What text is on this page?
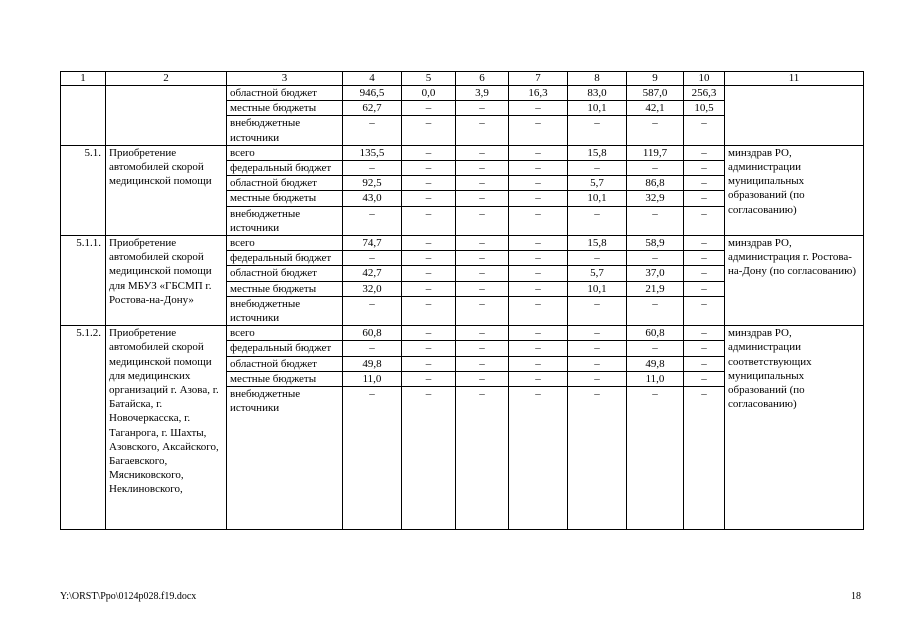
1	2	3	4	5	6	7	8	9	10	11
		областной бюджет	946,5	0,0	3,9	16,3	83,0	587,0	256,3	
		местные бюджеты	62,7	–	–	–	10,1	42,1	10,5	
		внебюджетные источники	–	–	–	–	–	–	–	
5.1.	Приобретение автомобилей скорой медицинской помощи	всего	135,5	–	–	–	15,8	119,7	–	минздрав РО, администрации муниципальных образований (по согласованию)
		федеральный бюджет	–	–	–	–	–	–	–	
		областной бюджет	92,5	–	–	–	5,7	86,8	–	
		местные бюджеты	43,0	–	–	–	10,1	32,9	–	
		внебюджетные источники	–	–	–	–	–	–	–	
5.1.1.	Приобретение автомобилей скорой медицинской помощи для МБУЗ «ГБСМП г. Ростова-на-Дону»	всего	74,7	–	–	–	15,8	58,9	–	минздрав РО, администрация г. Ростова-на-Дону (по согласованию)
		федеральный бюджет	–	–	–	–	–	–	–	
		областной бюджет	42,7	–	–	–	5,7	37,0	–	
		местные бюджеты	32,0	–	–	–	10,1	21,9	–	
		внебюджетные источники	–	–	–	–	–	–	–	
5.1.2.	Приобретение автомобилей скорой медицинской помощи для медицинских организаций г. Азова, г. Батайска, г. Новочеркасска, г. Таганрога, г. Шахты, Азовского, Аксайского, Багаевского, Мясниковского, Неклиновского,	всего	60,8	–	–	–	–	60,8	–	минздрав РО, администрации соответствующих муниципальных образований (по согласованию)
		федеральный бюджет	–	–	–	–	–	–	–	
		областной бюджет	49,8	–	–	–	–	49,8	–	
		местные бюджеты	11,0	–	–	–	–	11,0	–	
		внебюджетные источники	–	–	–	–	–	–	–	
Y:\ORST\Ppo\0124p028.f19.docx	18
